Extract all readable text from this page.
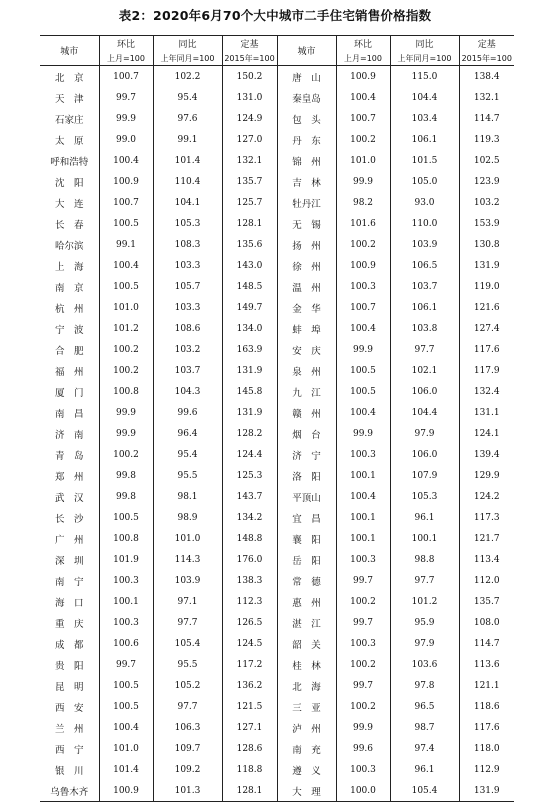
表2：2020年6月70个大中城市二手住宅销售价格指数
城市	环比	同比	定基	城市	环比	同比	定基
	上月=100	上年同月=100	2015年=100		上月=100	上年同月=100	2015年=100
北　京	100.7	102.2	150.2	唐　山	100.9	115.0	138.4
天　津	99.7	95.4	131.0	秦皇岛	100.4	104.4	132.1
石家庄	99.9	97.6	124.9	包　头	100.7	103.4	114.7
太　原	99.0	99.1	127.0	丹　东	100.2	106.1	119.3
呼和浩特	100.4	101.4	132.1	锦　州	101.0	101.5	102.5
沈　阳	100.9	110.4	135.7	吉　林	99.9	105.0	123.9
大　连	100.7	104.1	125.7	牡丹江	98.2	93.0	103.2
长　春	100.5	105.3	128.1	无　锡	101.6	110.0	153.9
哈尔滨	99.1	108.3	135.6	扬　州	100.2	103.9	130.8
上　海	100.4	103.3	143.0	徐　州	100.9	106.5	131.9
南　京	100.5	105.7	148.5	温　州	100.3	103.7	119.0
杭　州	101.0	103.3	149.7	金　华	100.7	106.1	121.6
宁　波	101.2	108.6	134.0	蚌　埠	100.4	103.8	127.4
合　肥	100.2	103.2	163.9	安　庆	99.9	97.7	117.6
福　州	100.2	103.7	131.9	泉　州	100.5	102.1	117.9
厦　门	100.8	104.3	145.8	九　江	100.5	106.0	132.4
南　昌	99.9	99.6	131.9	赣　州	100.4	104.4	131.1
济　南	99.9	96.4	128.2	烟　台	99.9	97.9	124.1
青　岛	100.2	95.4	124.4	济　宁	100.3	106.0	139.4
郑　州	99.8	95.5	125.3	洛　阳	100.1	107.9	129.9
武　汉	99.8	98.1	143.7	平顶山	100.4	105.3	124.2
长　沙	100.5	98.9	134.2	宜　昌	100.1	96.1	117.3
广　州	100.8	101.0	148.8	襄　阳	100.1	100.1	121.7
深　圳	101.9	114.3	176.0	岳　阳	100.3	98.8	113.4
南　宁	100.3	103.9	138.3	常　德	99.7	97.7	112.0
海　口	100.1	97.1	112.3	惠　州	100.2	101.2	135.7
重　庆	100.3	97.7	126.5	湛　江	99.7	95.9	108.0
成　都	100.6	105.4	124.5	韶　关	100.3	97.9	114.7
贵　阳	99.7	95.5	117.2	桂　林	100.2	103.6	113.6
昆　明	100.5	105.2	136.2	北　海	99.7	97.8	121.1
西　安	100.5	97.7	121.5	三　亚	100.2	96.5	118.6
兰　州	100.4	106.3	127.1	泸　州	99.9	98.7	117.6
西　宁	101.0	109.7	128.6	南　充	99.6	97.4	118.0
银　川	101.4	109.2	118.8	遵　义	100.3	96.1	112.9
乌鲁木齐	100.9	101.3	128.1	大　理	100.0	105.4	131.9
